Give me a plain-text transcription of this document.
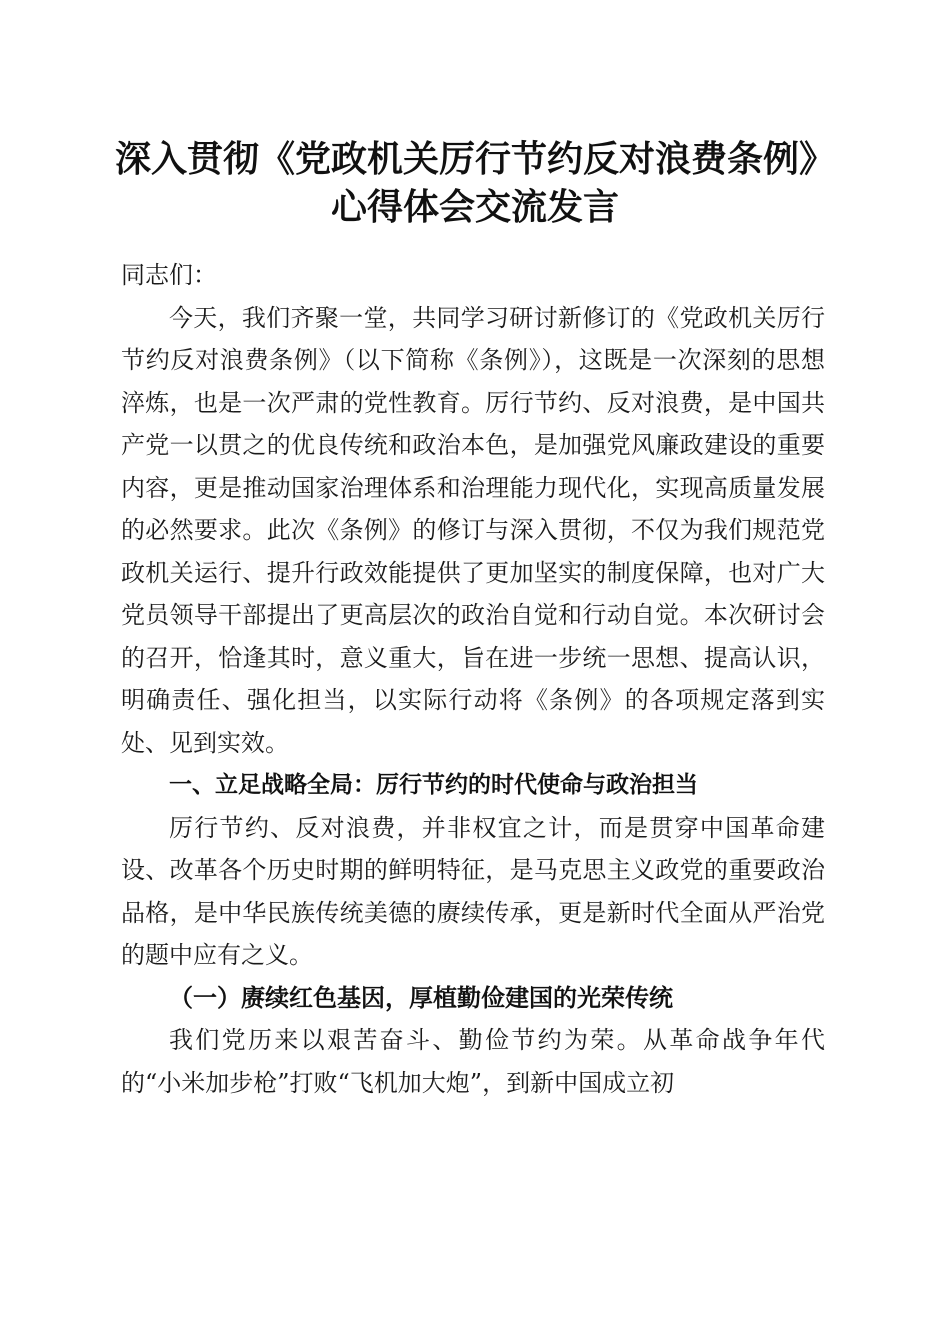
深入贯彻《党政机关厉行节约反对浪费条例》
心得体会交流发言

同志们：

今天，我们齐聚一堂，共同学习研讨新修订的《党政机关厉行节约反对浪费条例》（以下简称《条例》），这既是一次深刻的思想淬炼，也是一次严肃的党性教育。厉行节约、反对浪费，是中国共产党一以贯之的优良传统和政治本色，是加强党风廉政建设的重要内容，更是推动国家治理体系和治理能力现代化，实现高质量发展的必然要求。此次《条例》的修订与深入贯彻，不仅为我们规范党政机关运行、提升行政效能提供了更加坚实的制度保障，也对广大党员领导干部提出了更高层次的政治自觉和行动自觉。本次研讨会的召开，恰逢其时，意义重大，旨在进一步统一思想、提高认识，明确责任、强化担当，以实际行动将《条例》的各项规定落到实处、见到实效。

一、立足战略全局：厉行节约的时代使命与政治担当

厉行节约、反对浪费，并非权宜之计，而是贯穿中国革命建设、改革各个历史时期的鲜明特征，是马克思主义政党的重要政治品格，是中华民族传统美德的赓续传承，更是新时代全面从严治党的题中应有之义。

（一）赓续红色基因，厚植勤俭建国的光荣传统

我们党历来以艰苦奋斗、勤俭节约为荣。从革命战争年代的“小米加步枪”打败“飞机加大炮”，到新中国成立初
